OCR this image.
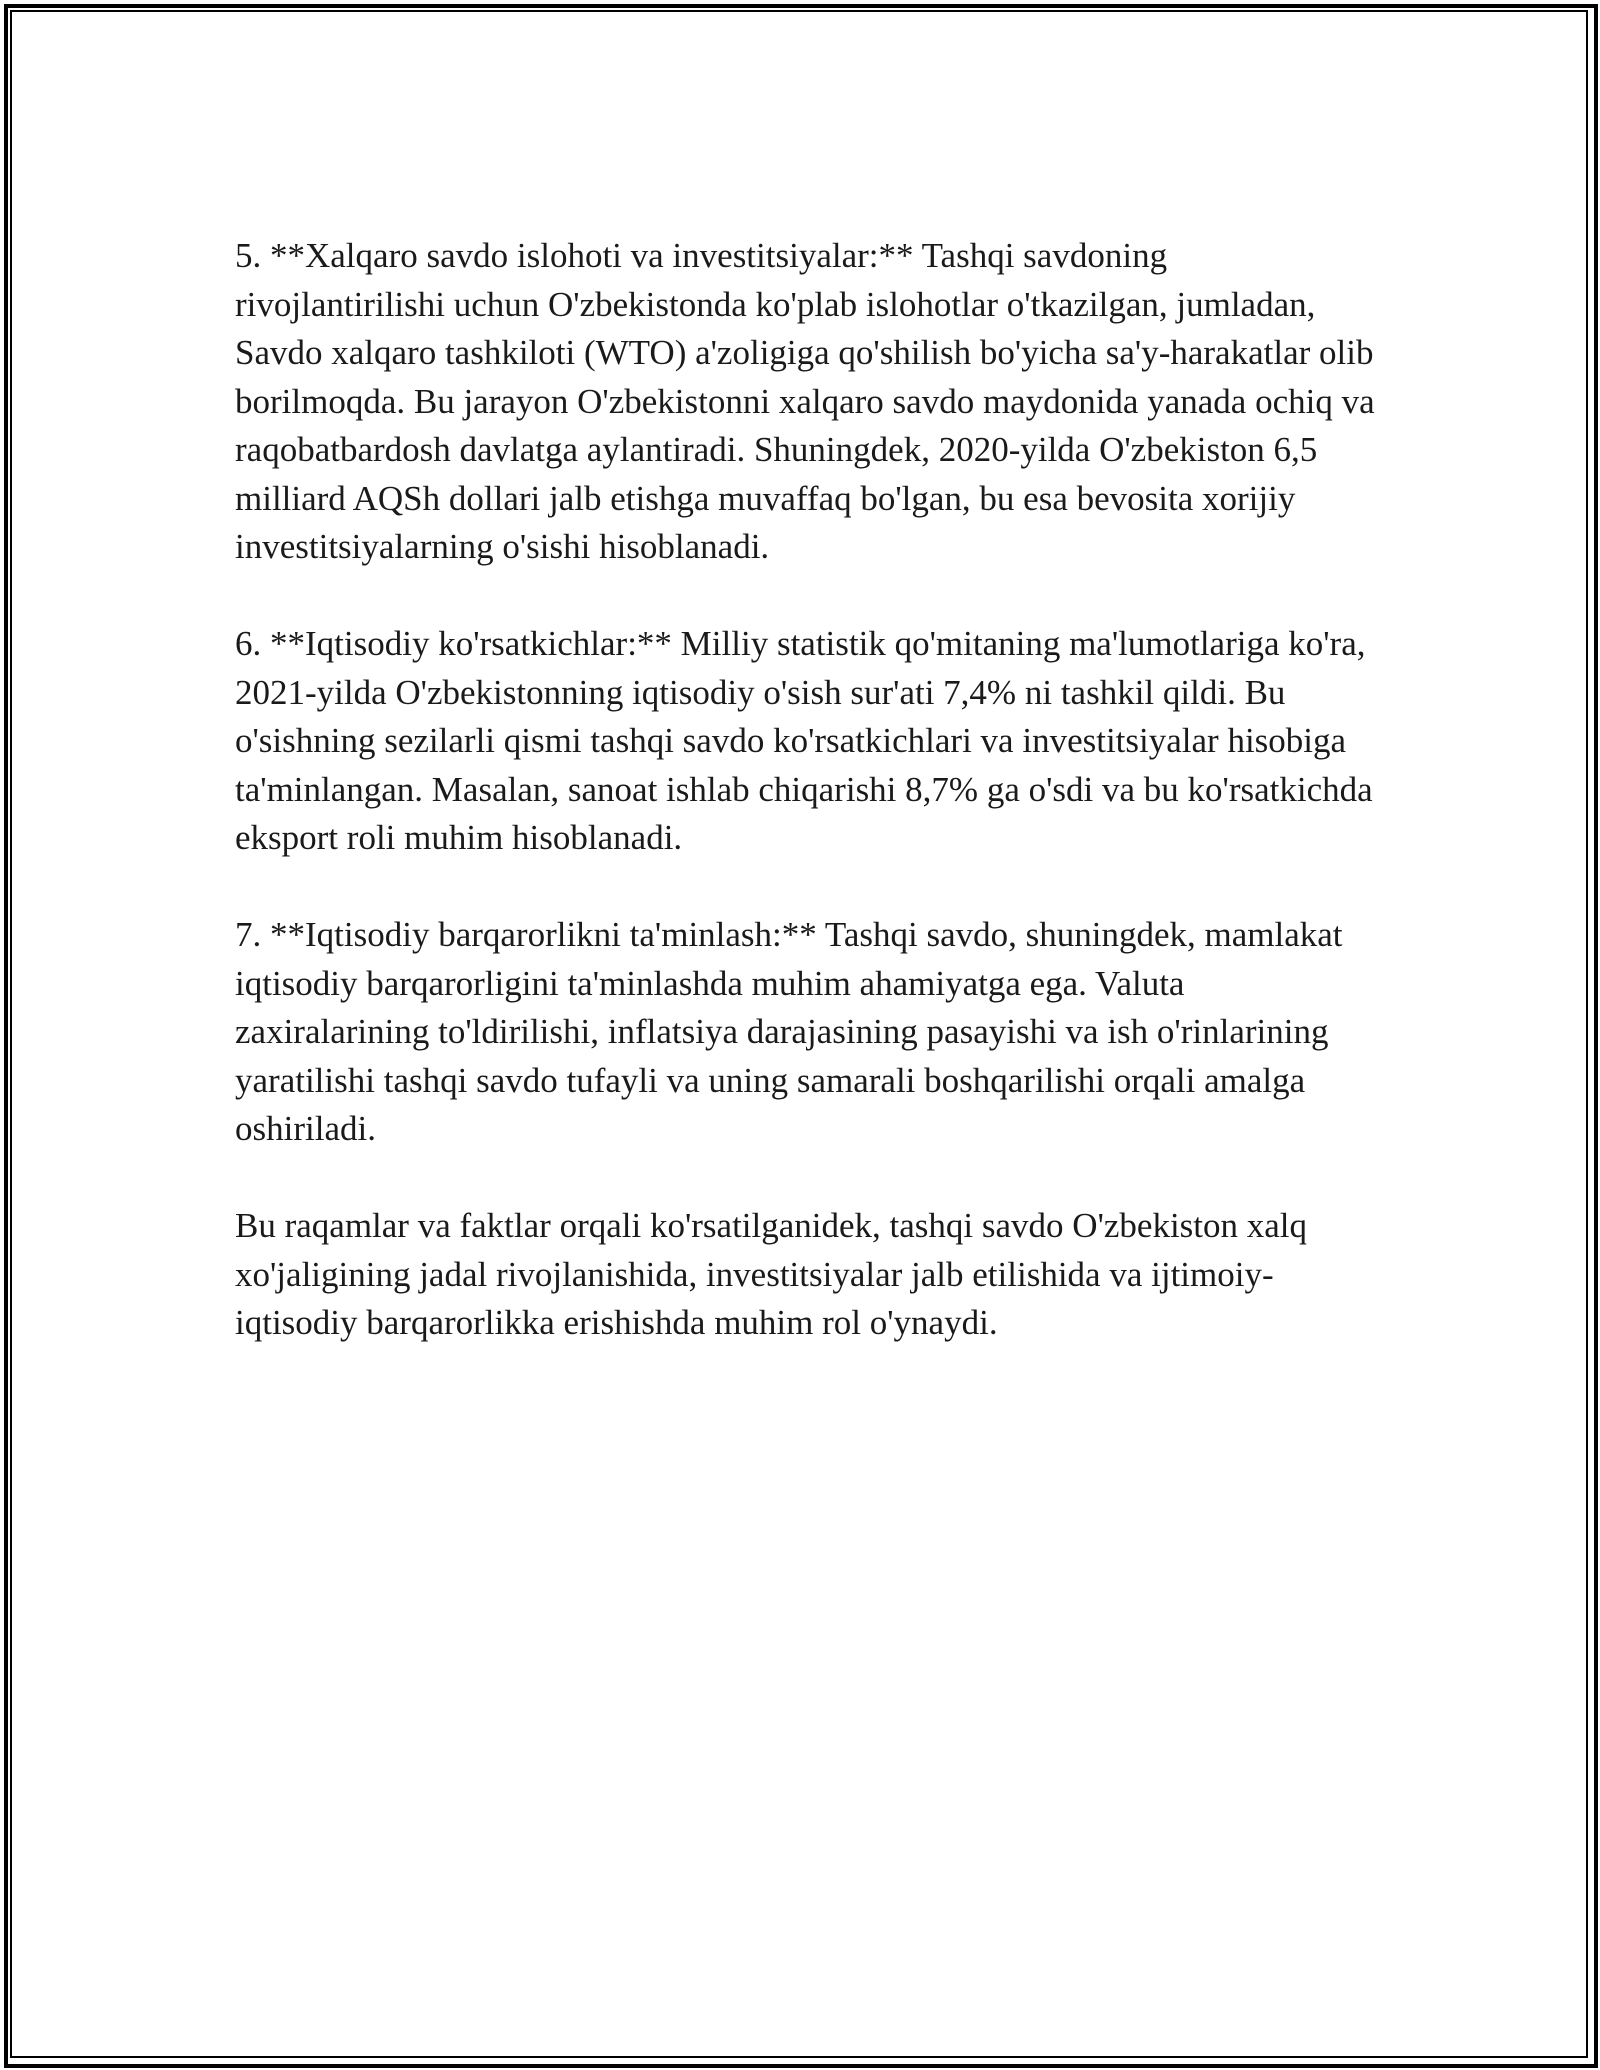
5. **Xalqaro savdo islohoti va investitsiyalar:** Tashqi savdoning rivojlantirilishi uchun O'zbekistonda ko'plab islohotlar o'tkazilgan, jumladan, Savdo xalqaro tashkiloti (WTO) a'zoligiga qo'shilish bo'yicha sa'y-harakatlar olib borilmoqda. Bu jarayon O'zbekistonni xalqaro savdo maydonida yanada ochiq va raqobatbardosh davlatga aylantiradi. Shuningdek, 2020-yilda O'zbekiston 6,5 milliard AQSh dollari jalb etishga muvaffaq bo'lgan, bu esa bevosita xorijiy investitsiyalarning o'sishi hisoblanadi.

6. **Iqtisodiy ko'rsatkichlar:** Milliy statistik qo'mitaning ma'lumotlariga ko'ra, 2021-yilda O'zbekistonning iqtisodiy o'sish sur'ati 7,4% ni tashkil qildi. Bu o'sishning sezilarli qismi tashqi savdo ko'rsatkichlari va investitsiyalar hisobiga ta'minlangan. Masalan, sanoat ishlab chiqarishi 8,7% ga o'sdi va bu ko'rsatkichda eksport roli muhim hisoblanadi.

7. **Iqtisodiy barqarorlikni ta'minlash:** Tashqi savdo, shuningdek, mamlakat iqtisodiy barqarorligini ta'minlashda muhim ahamiyatga ega. Valuta zaxiralarining to'ldirilishi, inflatsiya darajasining pasayishi va ish o'rinlarining yaratilishi tashqi savdo tufayli va uning samarali boshqarilishi orqali amalga oshiriladi.

Bu raqamlar va faktlar orqali ko'rsatilganidek, tashqi savdo O'zbekiston xalq xo'jaligining jadal rivojlanishida, investitsiyalar jalb etilishida va ijtimoiy-iqtisodiy barqarorlikka erishishda muhim rol o'ynaydi.
